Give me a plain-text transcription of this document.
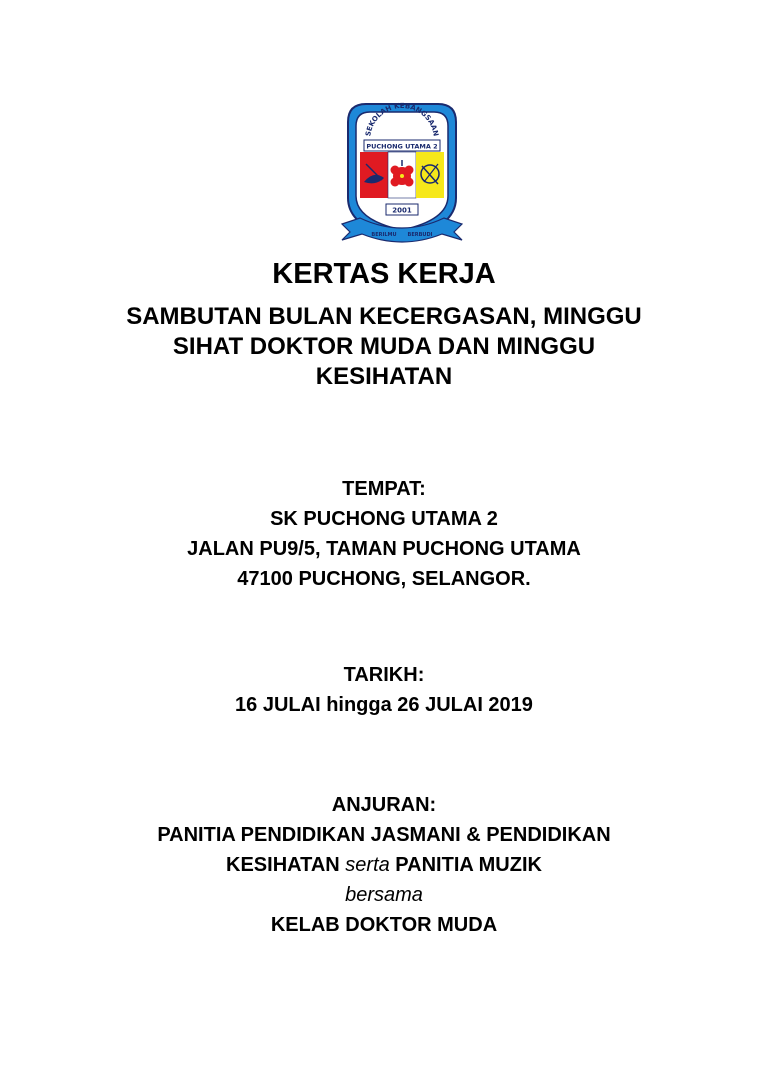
SEKOLAH KEBANGSAAN
PUCHONG UTAMA 2
2001
BERILMU BERBUDI
KERTAS KERJA
SAMBUTAN BULAN KECERGASAN, MINGGU
SIHAT DOKTOR MUDA DAN MINGGU
KESIHATAN
TEMPAT:
SK PUCHONG UTAMA 2
JALAN PU9/5, TAMAN PUCHONG UTAMA
47100 PUCHONG, SELANGOR.
TARIKH:
16 JULAI hingga 26 JULAI 2019
ANJURAN:
PANITIA PENDIDIKAN JASMANI & PENDIDIKAN
KESIHATAN serta PANITIA MUZIK
bersama
KELAB DOKTOR MUDA
